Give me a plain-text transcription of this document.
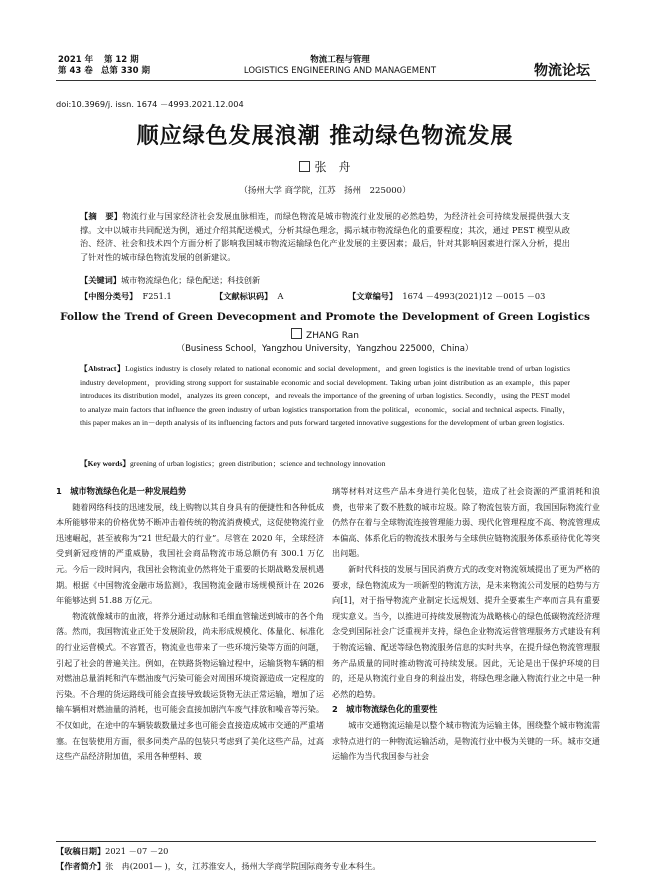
2021 年 第 12 期
第 43 卷 总第 330 期
物流工程与管理
LOGISTICS ENGINEERING AND MANAGEMENT	物流论坛
doi:10.3969/j. issn. 1674 －4993.2021.12.004
顺应绿色发展浪潮 推动绿色物流发展
张　舟
（扬州大学 商学院，江苏　扬州　225000）
【摘　要】物流行业与国家经济社会发展血脉相连，而绿色物流是城市物流行业发展的必然趋势，为经济社会可持续发展提供强大支撑。文中以城市共同配送为例，通过介绍其配送模式，分析其绿色理念，揭示城市物流绿色化的重要程度；其次，通过 PEST 模型从政治、经济、社会和技术四个方面分析了影响我国城市物流运输绿色化产业发展的主要因素；最后，针对其影响因素进行深入分析，提出了针对性的城市绿色物流发展的创新建议。
【关键词】城市物流绿色化；绿色配送；科技创新
【中图分类号】 F251.1	【文献标识码】 A	【文章编号】 1674 －4993(2021)12 －0015 －03
Follow the Trend of Green Devecopment and Promote the Development of Green Logistics
ZHANG Ran
（Business School，Yangzhou University，Yangzhou 225000，China）
【Abstract】Logistics industry is closely related to national economic and social development，and green logistics is the inevitable trend of urban logistics industry development，providing strong support for sustainable economic and social development. Taking urban joint distribution as an example，this paper introduces its distribution model，analyzes its green concept，and reveals the importance of the greening of urban logistics. Secondly，using the PEST model to analyze main factors that influence the green industry of urban logistics transportation from the political，economic，social and technical aspects. Finally，this paper makes an in－depth analysis of its influencing factors and puts forward targeted innovative suggestions for the development of urban green logistics.
【Key words】greening of urban logistics；green distribution；science and technology innovation
1　城市物流绿色化是一种发展趋势

随着网络科技的迅速发展，线上购物以其自身具有的便捷性和各种低成本所能够带来的价格优势不断冲击着传统的物流消费模式，这促使物流行业迅速崛起，甚至被称为“21 世纪最大的行业”。尽管在 2020 年，全球经济受到新冠疫情的严重威胁，我国社会商品物流市场总额仍有 300.1 万亿元。今后一段时间内，我国社会物流业仍然将处于重要的长期战略发展机遇期。根据《中国物流金融市场监测》，我国物流金融市场规模预计在 2026 年能够达到 51.88 万亿元。

物流就像城市的血液，将养分通过动脉和毛细血管输送到城市的各个角落。然而，我国物流业正处于发展阶段，尚未形成规模化、体量化、标准化的行业运营模式。不容置否，物流业也带来了一些环境污染等方面的问题，引起了社会的普遍关注。例如，在铁路货物运输过程中，运输货物车辆的相对燃油总量消耗和汽车燃油废气污染可能会对周围环境资源造成一定程度的污染。不合理的货运路线可能会直接导致载运货物无法正常运输，增加了运输车辆相对燃油量的消耗，也可能会直接加剧汽车废气排放和噪音等污染。不仅如此，在途中的车辆装载数量过多也可能会直接造成城市交通的严重堵塞。在包装使用方面，很多同类产品的包装只考虑到了美化这些产品，过高这些产品经济附加值，采用各种塑料、玻

璃等材料对这些产品本身进行美化包装，造成了社会资源的严重消耗和浪费，也带来了数不胜数的城市垃圾。除了物流包装方面，我国国际物流行业仍然存在着与全球物流连接管理能力弱、现代化管理程度不高、物流管理成本偏高、体系化后的物流技术服务与全球供应链物流服务体系亟待优化等突出问题。

新时代科技的发展与国民消费方式的改变对物流领域提出了更为严格的要求，绿色物流成为一项新型的物流方法，是未来物流公司发展的趋势与方向[1]，对于指导物流产业制定长远规划、提升全要素生产率而言具有重要现实意义。当今，以推进可持续发展物流为战略核心的绿色低碳物流经济理念受到国际社会广泛重视并支持，绿色企业物流运营管理服务方式建设有利于物流运输、配送等绿色物流服务信息的实时共享，在提升绿色物流管理服务产品质量的同时推动物流可持续发展。因此，无论是出于保护环境的目的，还是从物流行业自身的利益出发，将绿色理念融入物流行业之中是一种必然的趋势。

2　城市物流绿色化的重要性

城市交通物流运输是以整个城市物流为运输主体，围绕整个城市物流需求特点进行的一种物流运输活动，是物流行业中极为关键的一环。城市交通运输作为当代我国参与社会

【收稿日期】2021 －07 －20
【作者简介】张　冉(2001— )，女，江苏淮安人，扬州大学商学院国际商务专业本科生。
